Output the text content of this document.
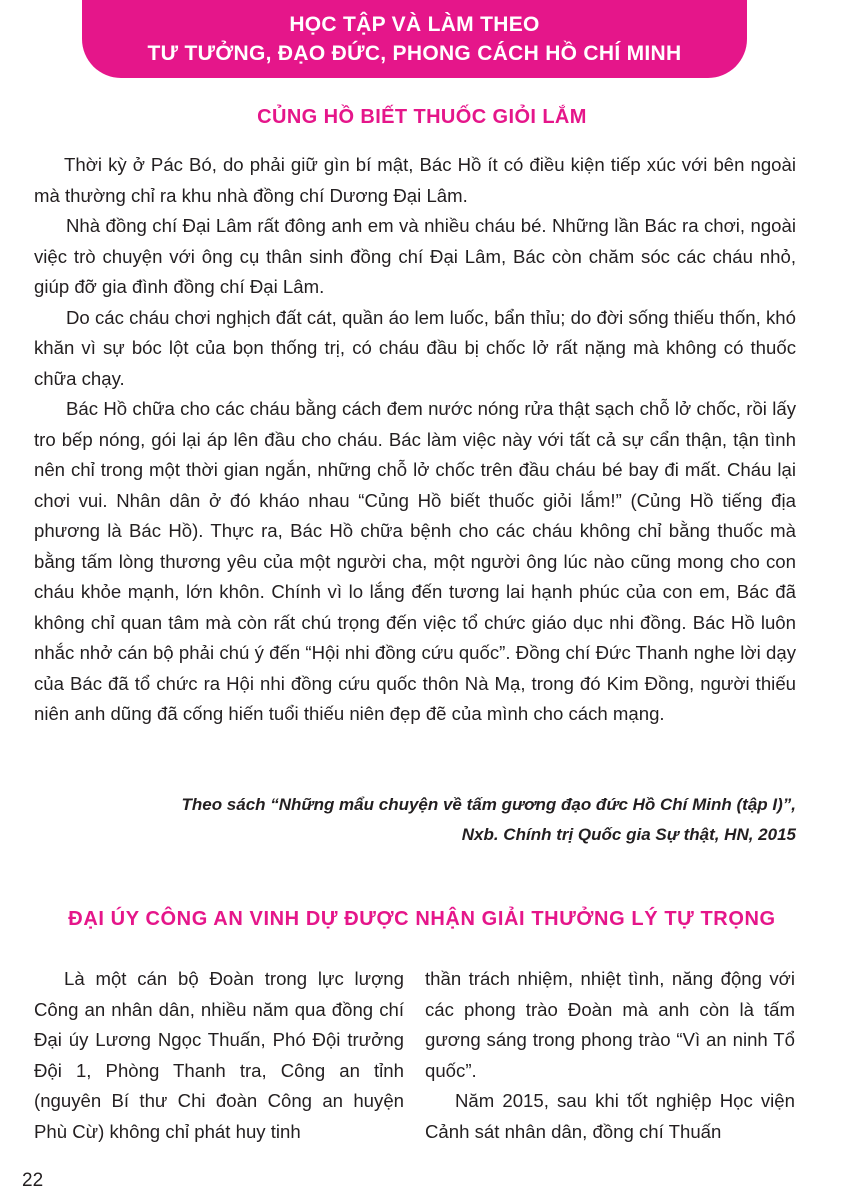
HỌC TẬP VÀ LÀM THEO
TƯ TƯỞNG, ĐẠO ĐỨC, PHONG CÁCH HỒ CHÍ MINH
CỦNG HỒ BIẾT THUỐC GIỎI LẮM

Thời kỳ ở Pác Bó, do phải giữ gìn bí mật, Bác Hồ ít có điều kiện tiếp xúc với bên ngoài mà thường chỉ ra khu nhà đồng chí Dương Đại Lâm.

Nhà đồng chí Đại Lâm rất đông anh em và nhiều cháu bé. Những lần Bác ra chơi, ngoài việc trò chuyện với ông cụ thân sinh đồng chí Đại Lâm, Bác còn chăm sóc các cháu nhỏ, giúp đỡ gia đình đồng chí Đại Lâm.

Do các cháu chơi nghịch đất cát, quần áo lem luốc, bẩn thỉu; do đời sống thiếu thốn, khó khăn vì sự bóc lột của bọn thống trị, có cháu đầu bị chốc lở rất nặng mà không có thuốc chữa chạy.

Bác Hồ chữa cho các cháu bằng cách đem nước nóng rửa thật sạch chỗ lở chốc, rồi lấy tro bếp nóng, gói lại áp lên đầu cho cháu. Bác làm việc này với tất cả sự cẩn thận, tận tình nên chỉ trong một thời gian ngắn, những chỗ lở chốc trên đầu cháu bé bay đi mất. Cháu lại chơi vui. Nhân dân ở đó kháo nhau “Củng Hồ biết thuốc giỏi lắm!” (Củng Hồ tiếng địa phương là Bác Hồ). Thực ra, Bác Hồ chữa bệnh cho các cháu không chỉ bằng thuốc mà bằng tấm lòng thương yêu của một người cha, một người ông lúc nào cũng mong cho con cháu khỏe mạnh, lớn khôn. Chính vì lo lắng đến tương lai hạnh phúc của con em, Bác đã không chỉ quan tâm mà còn rất chú trọng đến việc tổ chức giáo dục nhi đồng. Bác Hồ luôn nhắc nhở cán bộ phải chú ý đến “Hội nhi đồng cứu quốc”. Đồng chí Đức Thanh nghe lời dạy của Bác đã tổ chức ra Hội nhi đồng cứu quốc thôn Nà Mạ, trong đó Kim Đồng, người thiếu niên anh dũng đã cống hiến tuổi thiếu niên đẹp đẽ của mình cho cách mạng.

Theo sách “Những mẩu chuyện về tấm gương đạo đức Hồ Chí Minh (tập I)”,
Nxb. Chính trị Quốc gia Sự thật, HN, 2015
ĐẠI ÚY CÔNG AN VINH DỰ ĐƯỢC NHẬN GIẢI THƯỞNG LÝ TỰ TRỌNG

Là một cán bộ Đoàn trong lực lượng Công an nhân dân, nhiều năm qua đồng chí Đại úy Lương Ngọc Thuấn, Phó Đội trưởng Đội 1, Phòng Thanh tra, Công an tỉnh (nguyên Bí thư Chi đoàn Công an huyện Phù Cừ) không chỉ phát huy tinh

thần trách nhiệm, nhiệt tình, năng động với các phong trào Đoàn mà anh còn là tấm gương sáng trong phong trào “Vì an ninh Tổ quốc”.

Năm 2015, sau khi tốt nghiệp Học viện Cảnh sát nhân dân, đồng chí Thuấn

22
